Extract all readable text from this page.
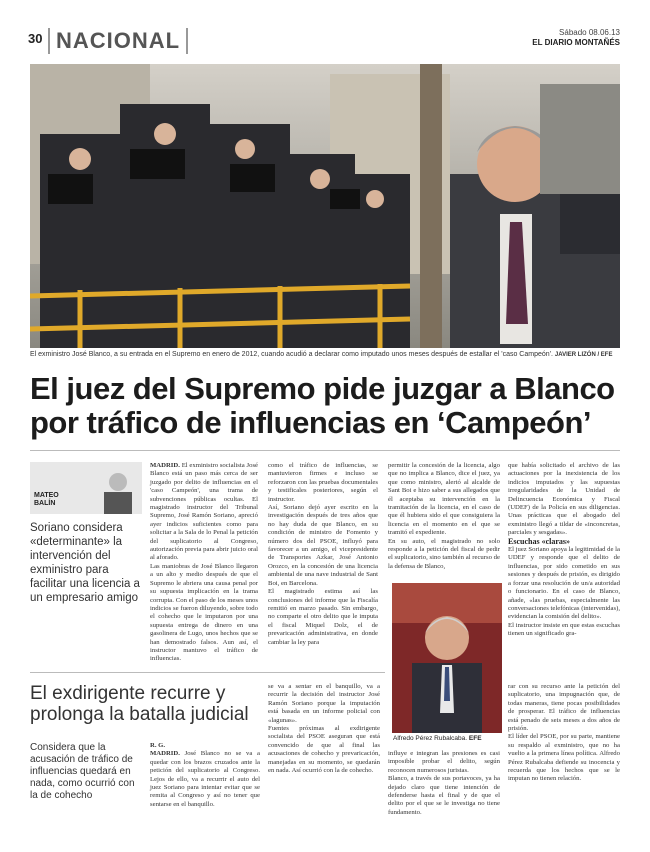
30 NACIONAL	Sábado 08.06.13
EL DIARIO MONTAÑÉS
El exministro José Blanco, a su entrada en el Supremo en enero de 2012, cuando acudió a declarar como imputado unos meses después de estallar el 'caso Campeón'. JAVIER LIZÓN / EFE
El juez del Supremo pide juzgar a Blanco por tráfico de influencias en ‘Campeón’
MATEO
BALÍN
Soriano considera «determinante» la intervención del exministro para facilitar una licencia a un empresario amigo
MADRID. El exministro socialista José Blanco está un paso más cerca de ser juzgado por delito de influencias en el 'caso Campeón', una trama de subvenciones públicas ocultas. El magistrado instructor del Tribunal Supremo, José Ramón Soriano, apreció ayer indicios suficientes como para solicitar a la Sala de lo Penal la petición del suplicatorio al Congreso, autorización previa para abrir juicio oral al aforado.
Las maniobras de José Blanco llegaron a un alto y medio después de que el Supremo le abriera una causa penal por su supuesta implicación en la trama corrupta. Con el paso de los meses unos indicios se fueron diluyendo, sobre todo el cohecho que le imputaron por una supuesta entrega de dinero en una gasolinera de Lugo, unos hechos que se han demostrado falsos. Aun así, el instructor mantuvo el tráfico de influencias.
como el tráfico de influencias, se mantuvieron firmes e incluso se reforzaron con las pruebas documentales y testificales posteriores, según el instructor.
Así, Soriano dejó ayer escrito en la investigación después de tres años que no hay duda de que Blanco, en su condición de ministro de Fomento y número dos del PSOE, influyó para favorecer a un amigo, el vicepresidente de Transportes Azkar, José Antonio Orozco, en la concesión de una licencia ambiental de una nave industrial de Sant Boi, en Barcelona.
El magistrado estima así las conclusiones del informe que la Fiscalía remitió en marzo pasado. Sin embargo, no comparte el otro delito que le imputa el fiscal Miquel Dolz, el de prevaricación administrativa, en donde cambiar la ley para
permitir la concesión de la licencia, algo que no implica a Blanco, dice el juez, ya que como ministro, alertó al alcalde de Sant Boi e hizo saber a sus allegados que él aceptaba su intervención en la tramitación de la licencia, en el caso de que él hubiera sido el que consiguiera la licencia en el momento en el que se tramitó el expediente.
En su auto, el magistrado no solo responde a la petición del fiscal de pedir el suplicatorio, sino también al recurso de la defensa de Blanco,
que había solicitado el archivo de las actuaciones por la inexistencia de los indicios imputados y las supuestas irregularidades de la Unidad de Delincuencia Económica y Fiscal (UDEF) de la Policía en sus diligencias. Unas prácticas que el abogado del exministro llegó a tildar de «inconcretas, parciales y sesgadas».
Escuchas «claras»
El juez Soriano apoya la legitimidad de la UDEF y responde que el delito de influencias, por sido cometido en sus sesiones y después de prisión, es dirigido a forzar una resolución de un/a autoridad o funcionario. En el caso de Blanco, añade, «las pruebas, especialmente las conversaciones telefónicas (intervenidas), evidencian la comisión del delito».
El instructor insiste en que estas escuchas tienen un significado gra-
Alfredo Pérez Rubalcaba. EFE
El exdirigente recurre y prolonga la batalla judicial
Considera que la acusación de tráfico de influencias quedará en nada, como ocurrió con la de cohecho
R. G.
MADRID. José Blanco no se va a quedar con los brazos cruzados ante la petición del suplicatorio al Congreso. Lejos de ello, va a recurrir el auto del juez Soriano para intentar evitar que se remita al Congreso y así no tener que sentarse en el banquillo.
se va a sentar en el banquillo, va a recurrir la decisión del instructor José Ramón Soriano porque la imputación está basada en un informe policial con «lagunas».
Fuentes próximas al exdirigente socialista del PSOE aseguran que está convencido de que al final las acusaciones de cohecho y prevaricación, manejadas en su momento, se quedarán en nada. Así ocurrió con la de cohecho.
influye e integran las presiones es casi imposible probar el delito, según reconocen numerosos juristas.
Blanco, a través de sus portavoces, ya ha dejado claro que tiene intención de defenderse hasta el final y de que el delito por el que se le investiga no tiene fundamento.
rar con su recurso ante la petición del suplicatorio, una impugnación que, de todas maneras, tiene pocas posibilidades de prosperar. El tráfico de influencias está penado de seis meses a dos años de prisión.
El líder del PSOE, por su parte, mantiene su respaldo al exministro, que no ha vuelto a la primera línea política. Alfredo Pérez Rubalcaba defiende su inocencia y recuerda que los hechos que se le imputan no tienen relación.
